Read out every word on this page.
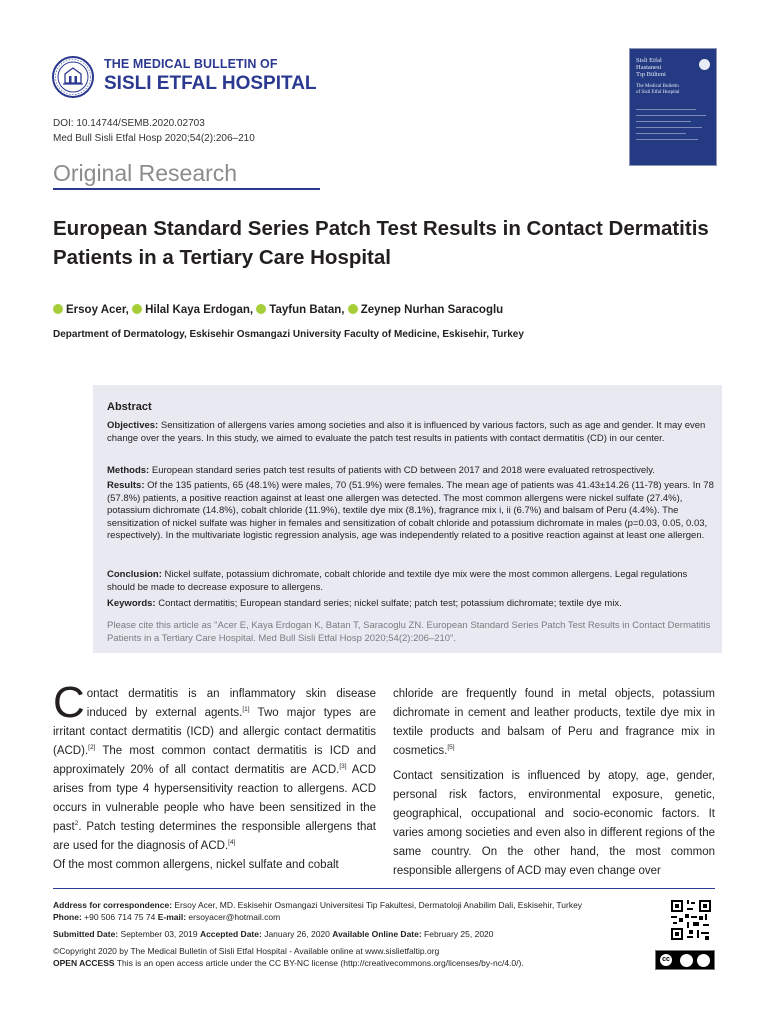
THE MEDICAL BULLETIN OF
SISLI ETFAL HOSPITAL
DOI: 10.14744/SEMB.2020.02703
Med Bull Sisli Etfal Hosp 2020;54(2):206–210
Original Research
Sisli Etfal
Hastanesi
Tıp Bülteni
The Medical Bulletin
of Sisli Etfal Hospital
European Standard Series Patch Test Results in Contact Dermatitis Patients in a Tertiary Care Hospital
Ersoy Acer, Hilal Kaya Erdogan, Tayfun Batan, Zeynep Nurhan Saracoglu
Department of Dermatology, Eskisehir Osmangazi University Faculty of Medicine, Eskisehir, Turkey
Abstract
Objectives: Sensitization of allergens varies among societies and also it is influenced by various factors, such as age and gender. It may even change over the years. In this study, we aimed to evaluate the patch test results in patients with contact dermatitis (CD) in our center.
Methods: European standard series patch test results of patients with CD between 2017 and 2018 were evaluated retrospectively.
Results: Of the 135 patients, 65 (48.1%) were males, 70 (51.9%) were females. The mean age of patients was 41.43±14.26 (11-78) years. In 78 (57.8%) patients, a positive reaction against at least one allergen was detected. The most common allergens were nickel sulfate (27.4%), potassium dichromate (14.8%), cobalt chloride (11.9%), textile dye mix (8.1%), fragrance mix i, ii (6.7%) and balsam of Peru (4.4%). The sensitization of nickel sulfate was higher in females and sensitization of cobalt chloride and potassium dichromate in males (p=0.03, 0.05, 0.03, respectively). In the multivariate logistic regression analysis, age was independently related to a positive reaction against at least one allergen.
Conclusion: Nickel sulfate, potassium dichromate, cobalt chloride and textile dye mix were the most common allergens. Legal regulations should be made to decrease exposure to allergens.
Keywords: Contact dermatitis; European standard series; nickel sulfate; patch test; potassium dichromate; textile dye mix.
Please cite this article as "Acer E, Kaya Erdogan K, Batan T, Saracoglu ZN. European Standard Series Patch Test Results in Contact Dermatitis Patients in a Tertiary Care Hospital. Med Bull Sisli Etfal Hosp 2020;54(2):206–210".

Contact dermatitis is an inflammatory skin disease induced by external agents.[1] Two major types are irritant contact dermatitis (ICD) and allergic contact dermatitis (ACD).[2] The most common contact dermatitis is ICD and approximately 20% of all contact dermatitis are ACD.[3] ACD arises from type 4 hypersensitivity reaction to allergens. ACD occurs in vulnerable people who have been sensitized in the past$^2$. Patch testing determines the responsible allergens that are used for the diagnosis of ACD.[4]

Of the most common allergens, nickel sulfate and cobalt

chloride are frequently found in metal objects, potassium dichromate in cement and leather products, textile dye mix in textile products and balsam of Peru and fragrance mix in cosmetics.[5]

Contact sensitization is influenced by atopy, age, gender, personal risk factors, environmental exposure, genetic, geographical, occupational and socio-economic factors. It varies among societies and even also in different regions of the same country. On the other hand, the most common responsible allergens of ACD may even change over

Address for correspondence: Ersoy Acer, MD. Eskisehir Osmangazi Universitesi Tip Fakultesi, Dermatoloji Anabilim Dali, Eskisehir, Turkey
Phone: +90 506 714 75 74 E-mail: ersoyacer@hotmail.com
Submitted Date: September 03, 2019 Accepted Date: January 26, 2020 Available Online Date: February 25, 2020
©Copyright 2020 by The Medical Bulletin of Sisli Etfal Hospital - Available online at www.sislietfaltip.org
OPEN ACCESS This is an open access article under the CC BY-NC license (http://creativecommons.org/licenses/by-nc/4.0/).	cc
